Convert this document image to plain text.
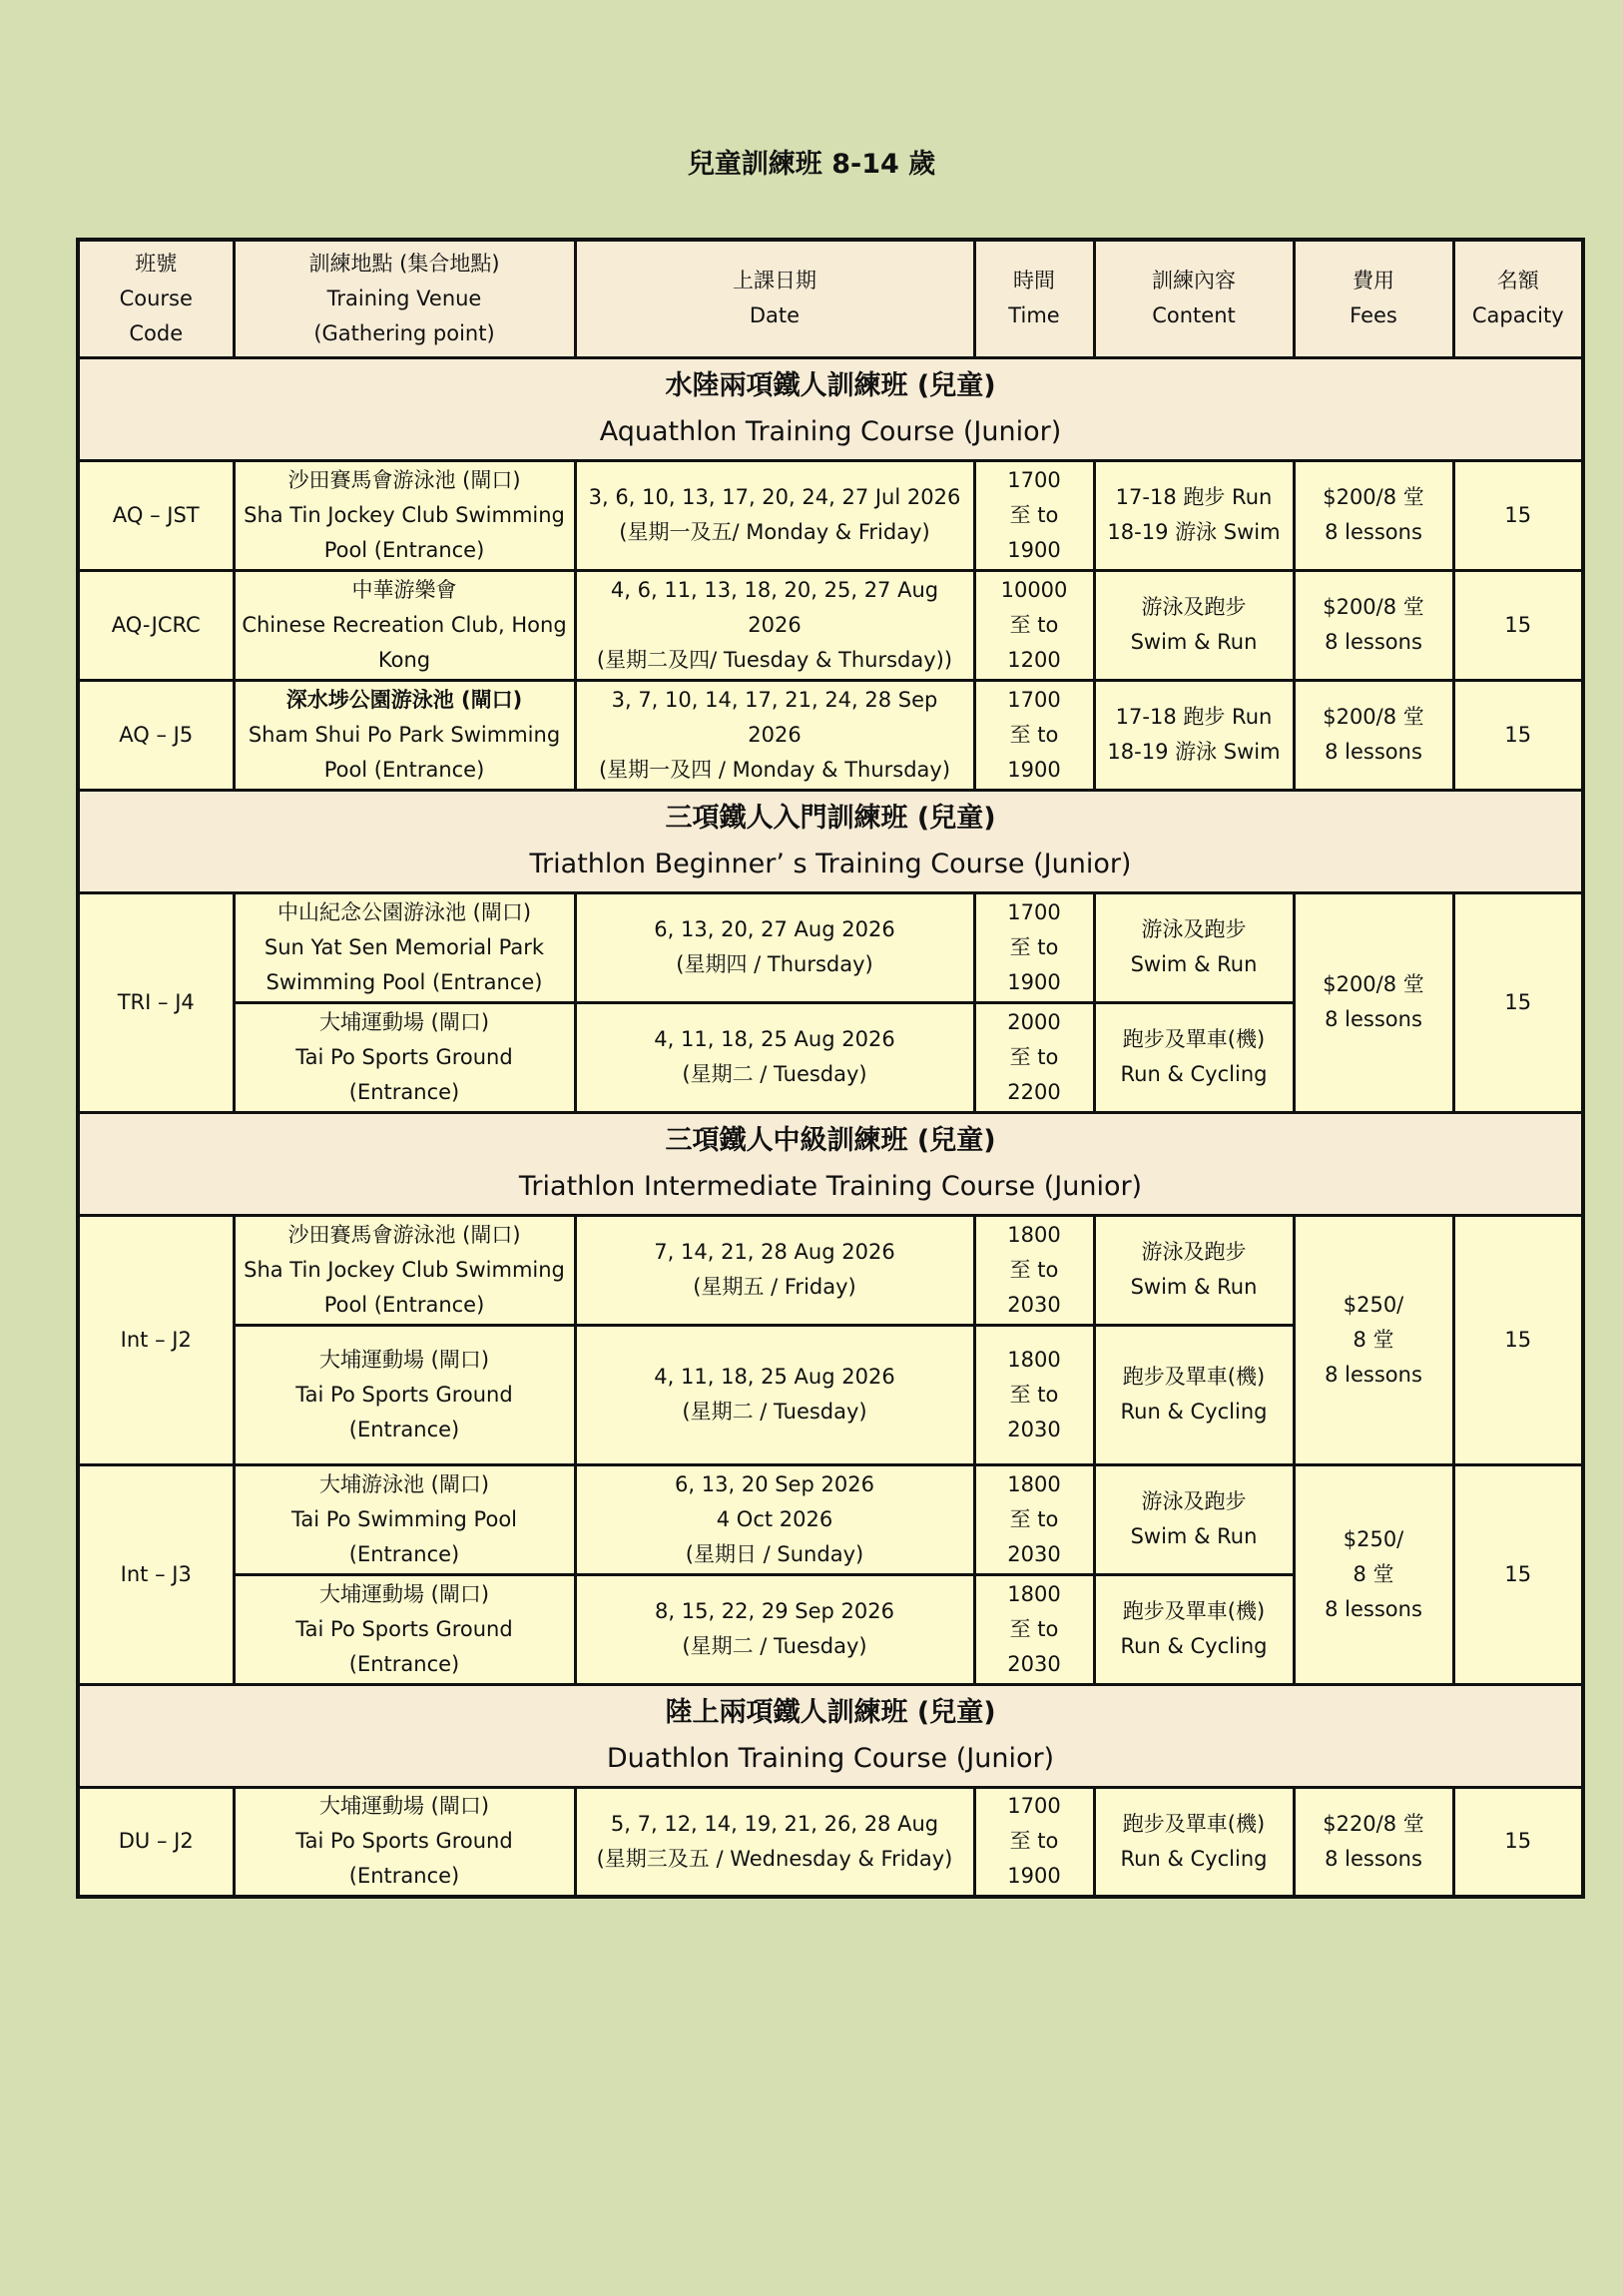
兒童訓練班 8-14 歲
班號
Course
Code	訓練地點 (集合地點)
Training Venue
(Gathering point)	上課日期
Date	時間
Time	訓練內容
Content	費用
Fees	名額
Capacity

水陸兩項鐵人訓練班 (兒童)
Aquathlon Training Course (Junior)						

AQ – JST	沙田賽馬會游泳池 (閘口)
Sha Tin Jockey Club Swimming
Pool (Entrance)	3, 6, 10, 13, 17, 20, 24, 27 Jul 2026
(星期一及五/ Monday & Friday)	1700
至 to
1900	17-18 跑步 Run
18-19 游泳 Swim	$200/8 堂
8 lessons	15
AQ-JCRC	中華游樂會
Chinese Recreation Club, Hong
Kong	4, 6, 11, 13, 18, 20, 25, 27 Aug 2026
(星期二及四/ Tuesday & Thursday))	10000
至 to
1200	游泳及跑步
Swim & Run	$200/8 堂
8 lessons	15
AQ – J5	深水埗公園游泳池 (閘口)
Sham Shui Po Park Swimming
Pool (Entrance)	3, 7, 10, 14, 17, 21, 24, 28 Sep 2026
(星期一及四 / Monday & Thursday)	1700
至 to
1900	17-18 跑步 Run
18-19 游泳 Swim	$200/8 堂
8 lessons	15

三項鐵人入門訓練班 (兒童)
Triathlon Beginner’ s Training Course (Junior)						

TRI – J4	中山紀念公園游泳池 (閘口)
Sun Yat Sen Memorial Park
Swimming Pool (Entrance)	6, 13, 20, 27 Aug 2026
(星期四 / Thursday)	1700
至 to
1900	游泳及跑步
Swim & Run	$200/8 堂
8 lessons	15

	大埔運動場 (閘口)
Tai Po Sports Ground (Entrance)	4, 11, 18, 25 Aug 2026
(星期二 / Tuesday)	2000
至 to
2200	跑步及單車(機)
Run & Cycling		

三項鐵人中級訓練班 (兒童)
Triathlon Intermediate Training Course (Junior)						

Int – J2	沙田賽馬會游泳池 (閘口)
Sha Tin Jockey Club Swimming
Pool (Entrance)	7, 14, 21, 28 Aug 2026
(星期五 / Friday)	1800
至 to
2030	游泳及跑步
Swim & Run	$250/
8 堂
8 lessons	15

	大埔運動場 (閘口)
Tai Po Sports Ground (Entrance)	4, 11, 18, 25 Aug 2026
(星期二 / Tuesday)	1800
至 to
2030	跑步及單車(機)
Run & Cycling		

Int – J3	大埔游泳池 (閘口)
Tai Po Swimming Pool (Entrance)	6, 13, 20 Sep 2026
4 Oct 2026
(星期日 / Sunday)	1800
至 to
2030	游泳及跑步
Swim & Run	$250/
8 堂
8 lessons	15

	大埔運動場 (閘口)
Tai Po Sports Ground (Entrance)	8, 15, 22, 29 Sep 2026
(星期二 / Tuesday)	1800
至 to
2030	跑步及單車(機)
Run & Cycling		

陸上兩項鐵人訓練班 (兒童)
Duathlon Training Course (Junior)						

DU – J2	大埔運動場 (閘口)
Tai Po Sports Ground (Entrance)	5, 7, 12, 14, 19, 21, 26, 28 Aug
(星期三及五 / Wednesday & Friday)	1700
至 to
1900	跑步及單車(機)
Run & Cycling	$220/8 堂
8 lessons	15
